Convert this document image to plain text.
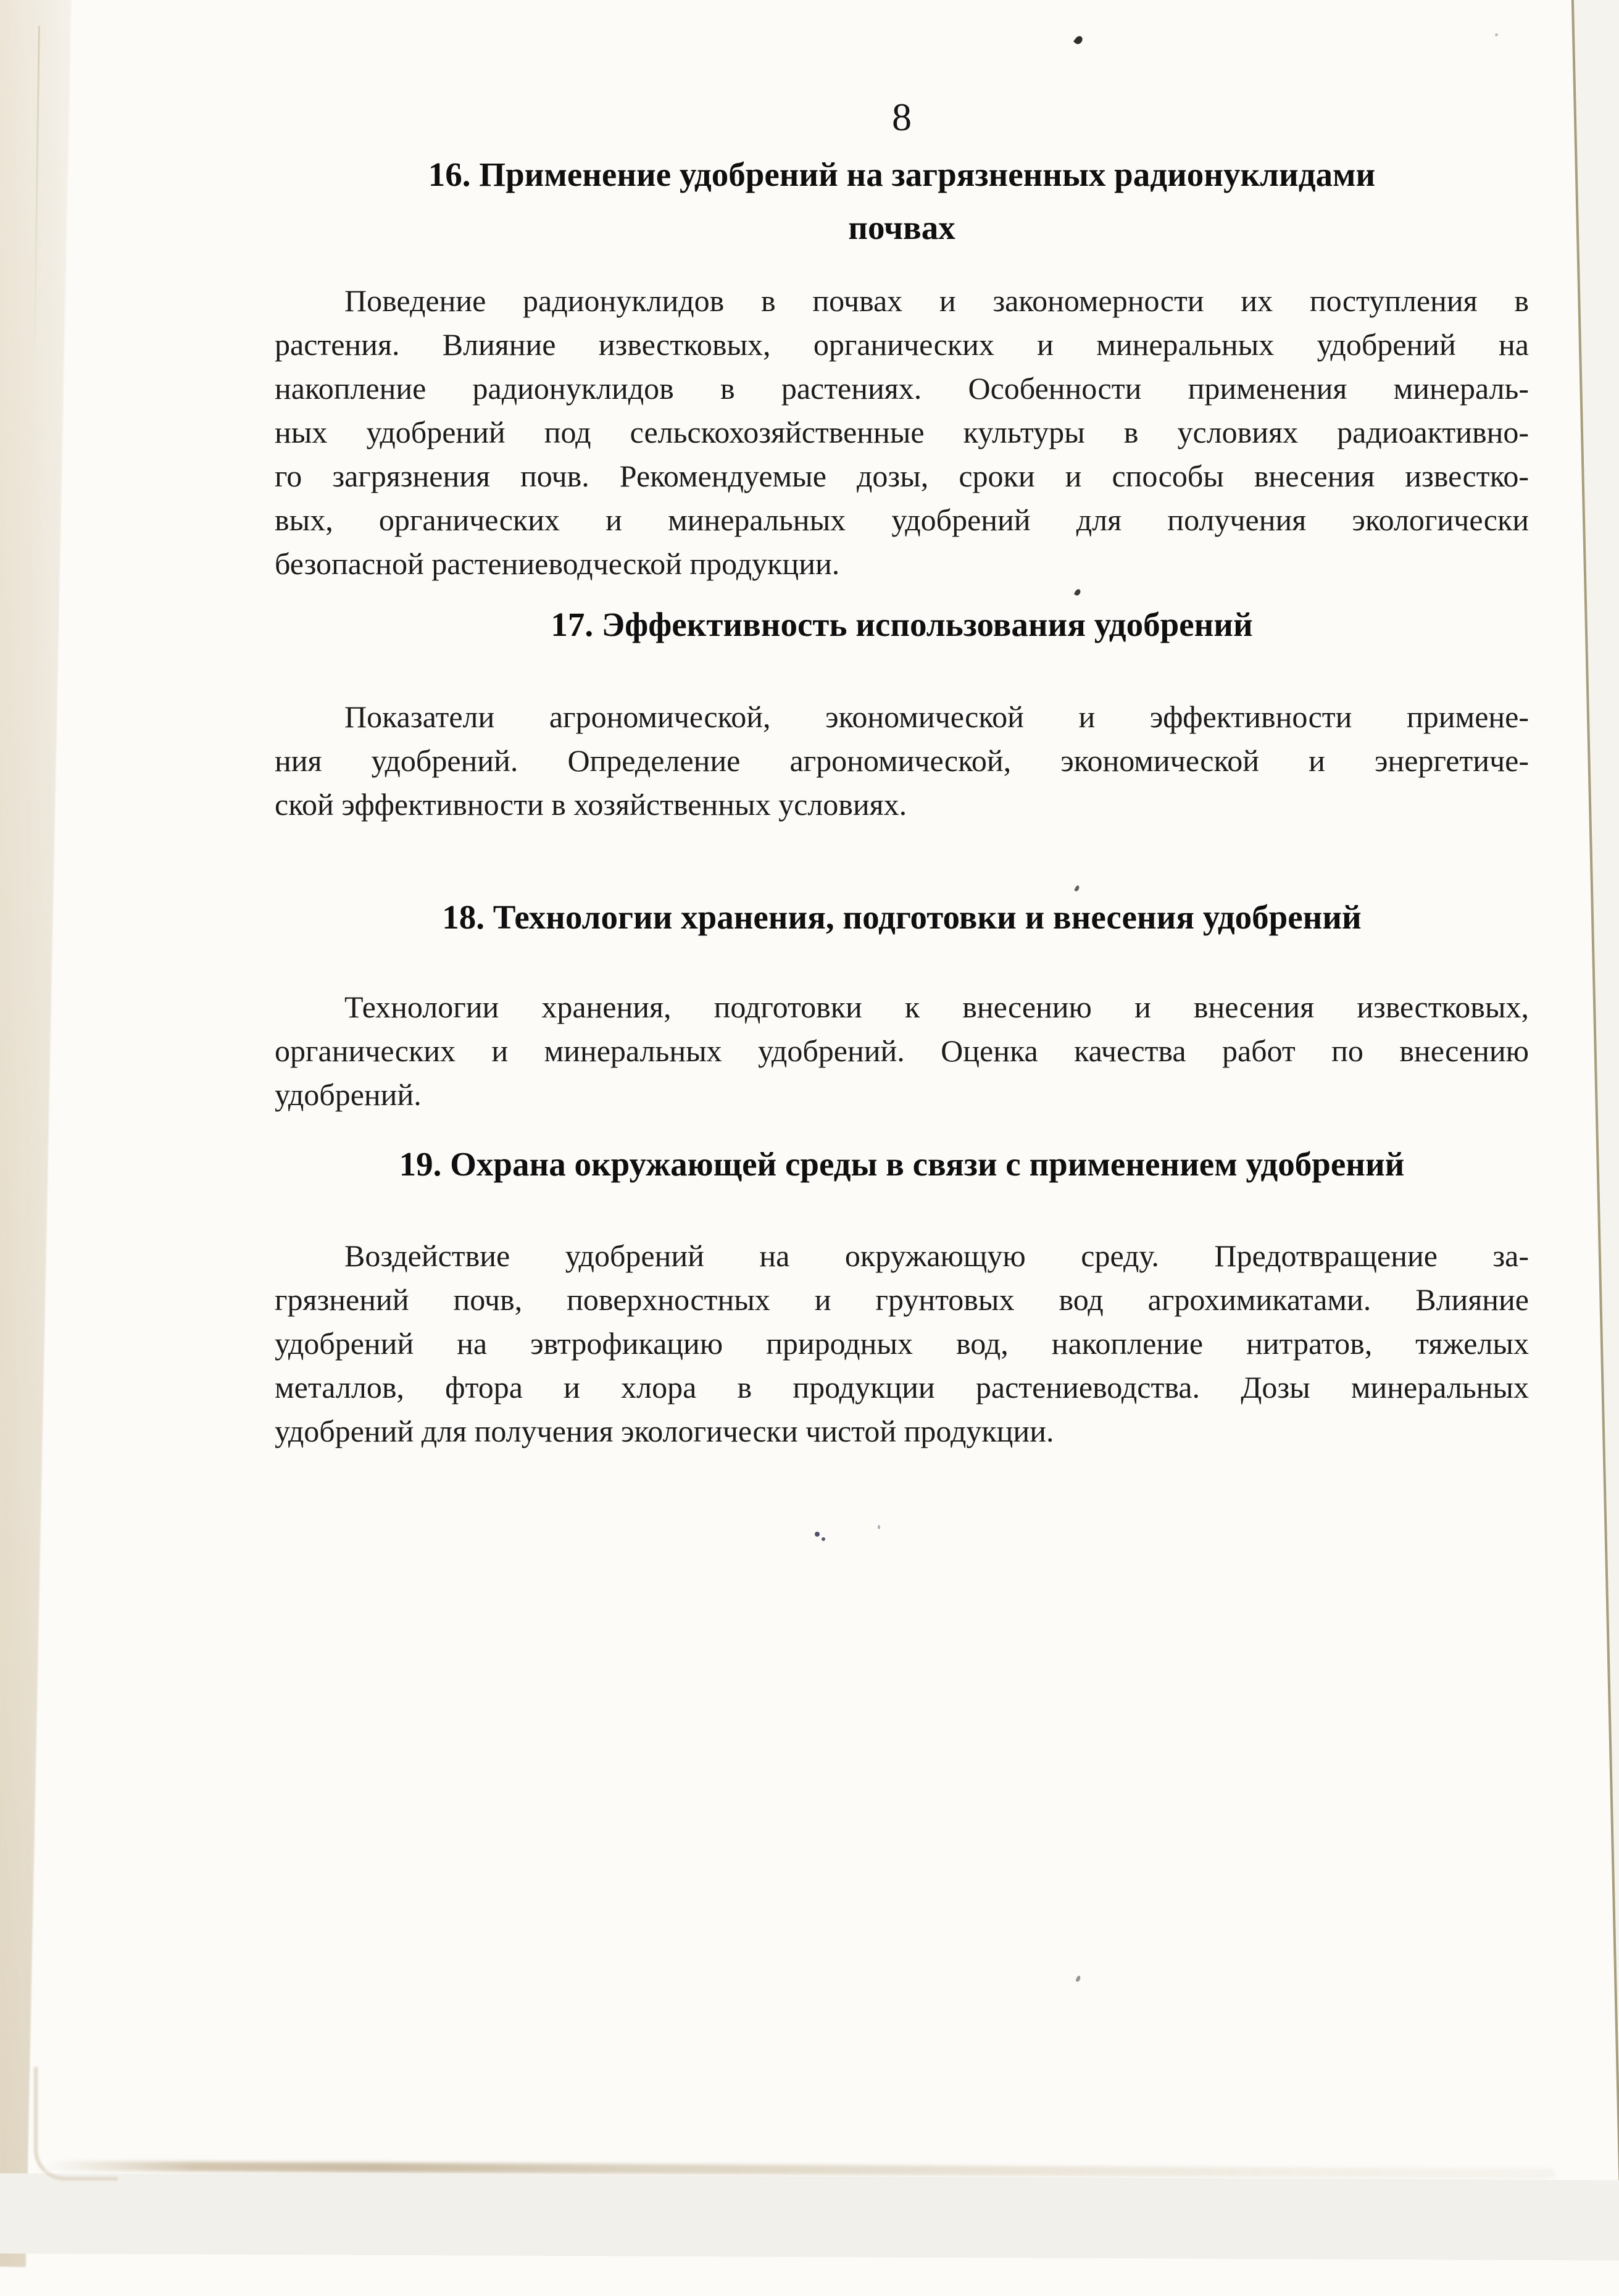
8
16. Применение удобрений на загрязненных радионуклидами
почвах
Поведение радионуклидов в почвах и закономерности их поступления в
растения. Влияние известковых, органических и минеральных удобрений на
накопление радионуклидов в растениях. Особенности применения минераль-
ных удобрений под сельскохозяйственные культуры в условиях радиоактивно-
го загрязнения почв. Рекомендуемые дозы, сроки и способы внесения известко-
вых, органических и минеральных удобрений для получения экологически
безопасной растениеводческой продукции.
17. Эффективность использования удобрений
Показатели агрономической, экономической и эффективности примене-
ния удобрений. Определение агрономической, экономической и энергетиче-
ской эффективности в хозяйственных условиях.
18. Технологии хранения, подготовки и внесения удобрений
Технологии хранения, подготовки к внесению и внесения известковых,
органических и минеральных удобрений. Оценка качества работ по внесению
удобрений.
19. Охрана окружающей среды в связи с применением удобрений
Воздействие удобрений на окружающую среду. Предотвращение за-
грязнений почв, поверхностных и грунтовых вод агрохимикатами. Влияние
удобрений на эвтрофикацию природных вод, накопление нитратов, тяжелых
металлов, фтора и хлора в продукции растениеводства. Дозы минеральных
удобрений для получения экологически чистой продукции.
